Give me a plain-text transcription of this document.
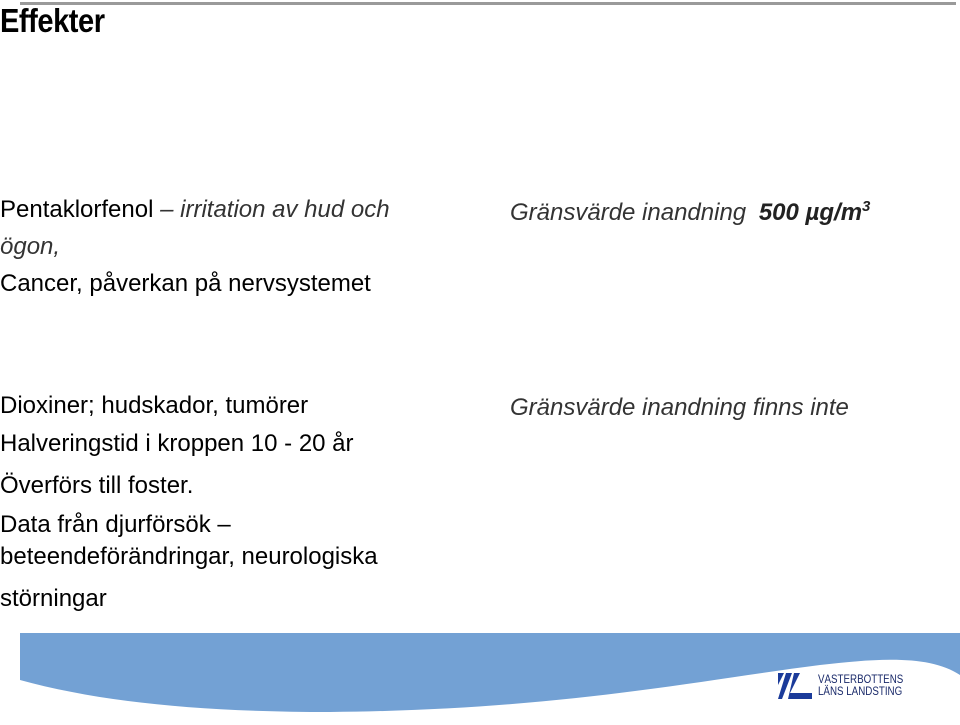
Effekter
Pentaklorfenol – irritation av hud och
ögon,
Cancer, påverkan på nervsystemet
Gränsvärde inandning 500 $\mu g/m^3$
Dioxiner; hudskador, tumörer
Halveringstid i kroppen 10 - 20 år
Överförs till foster.
Data från djurförsök –
beteendeförändringar, neurologiska
störningar
Gränsvärde inandning finns inte
VÄSTERBOTTENS
LÄNS LANDSTING
